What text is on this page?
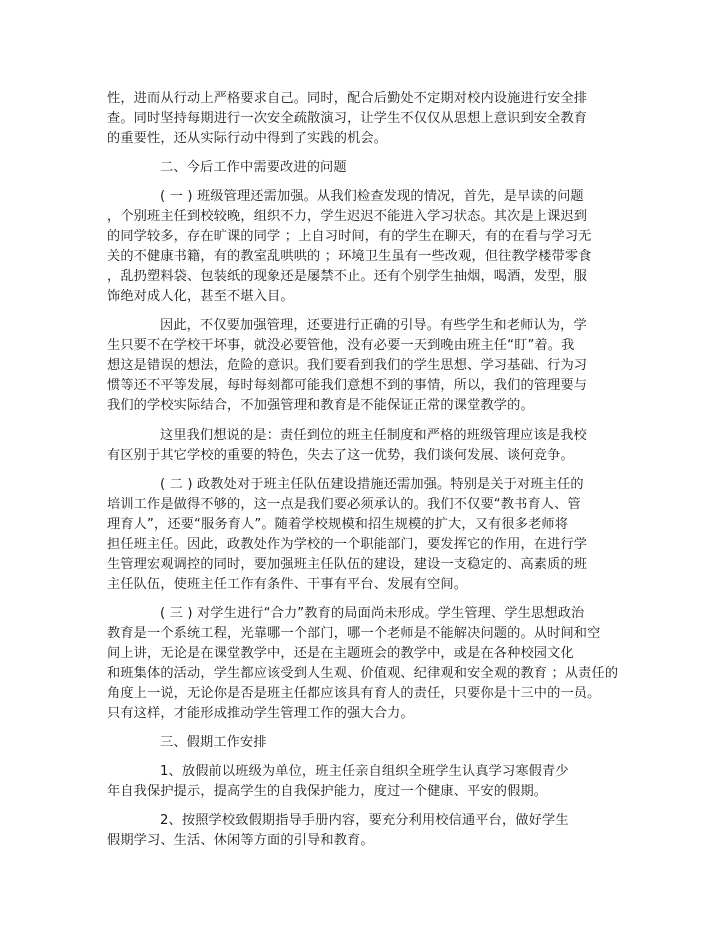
性，进而从行动上严格要求自己。同时，配合后勤处不定期对校内设施进行安全排
查。同时坚持每期进行一次安全疏散演习，让学生不仅仅从思想上意识到安全教育
的重要性，还从实际行动中得到了实践的机会。
二、今后工作中需要改进的问题
( 一 ) 班级管理还需加强。从我们检查发现的情况，首先，是早读的问题
，个别班主任到校较晚，组织不力，学生迟迟不能进入学习状态。其次是上课迟到
的同学较多，存在旷课的同学 ；上自习时间，有的学生在聊天，有的在看与学习无
关的不健康书籍，有的教室乱哄哄的 ；环境卫生虽有一些改观，但往教学楼带零食
，乱扔塑料袋、包装纸的现象还是屡禁不止。还有个别学生抽烟，喝酒，发型，服
饰绝对成人化，甚至不堪入目。
因此，不仅要加强管理，还要进行正确的引导。有些学生和老师认为，学
生只要不在学校干坏事，就没必要管他，没有必要一天到晚由班主任“盯”着。我
想这是错误的想法，危险的意识。我们要看到我们的学生思想、学习基础、行为习
惯等还不平等发展，每时每刻都可能我们意想不到的事情，所以，我们的管理要与
我们的学校实际结合，不加强管理和教育是不能保证正常的课堂教学的。
这里我们想说的是：责任到位的班主任制度和严格的班级管理应该是我校
有区别于其它学校的重要的特色，失去了这一优势，我们谈何发展、谈何竞争。
( 二 ) 政教处对于班主任队伍建设措施还需加强。特别是关于对班主任的
培训工作是做得不够的，这一点是我们要必须承认的。我们不仅要“教书育人、管
理育人”，还要“服务育人”。随着学校规模和招生规模的扩大，又有很多老师将
担任班主任。因此，政教处作为学校的一个职能部门，要发挥它的作用，在进行学
生管理宏观调控的同时，要加强班主任队伍的建设，建设一支稳定的、高素质的班
主任队伍，使班主任工作有条件、干事有平台、发展有空间。
( 三 ) 对学生进行“合力”教育的局面尚未形成。学生管理、学生思想政治
教育是一个系统工程，光靠哪一个部门，哪一个老师是不能解决问题的。从时间和空
间上讲，无论是在课堂教学中，还是在主题班会的教学中，或是在各种校园文化
和班集体的活动，学生都应该受到人生观、价值观、纪律观和安全观的教育 ；从责任的
角度上一说，无论你是否是班主任都应该具有育人的责任，只要你是十三中的一员。
只有这样，才能形成推动学生管理工作的强大合力。
三、假期工作安排
1、放假前以班级为单位，班主任亲自组织全班学生认真学习寒假青少
年自我保护提示，提高学生的自我保护能力，度过一个健康、平安的假期。
2、按照学校致假期指导手册内容，要充分利用校信通平台，做好学生
假期学习、生活、休闲等方面的引导和教育。
